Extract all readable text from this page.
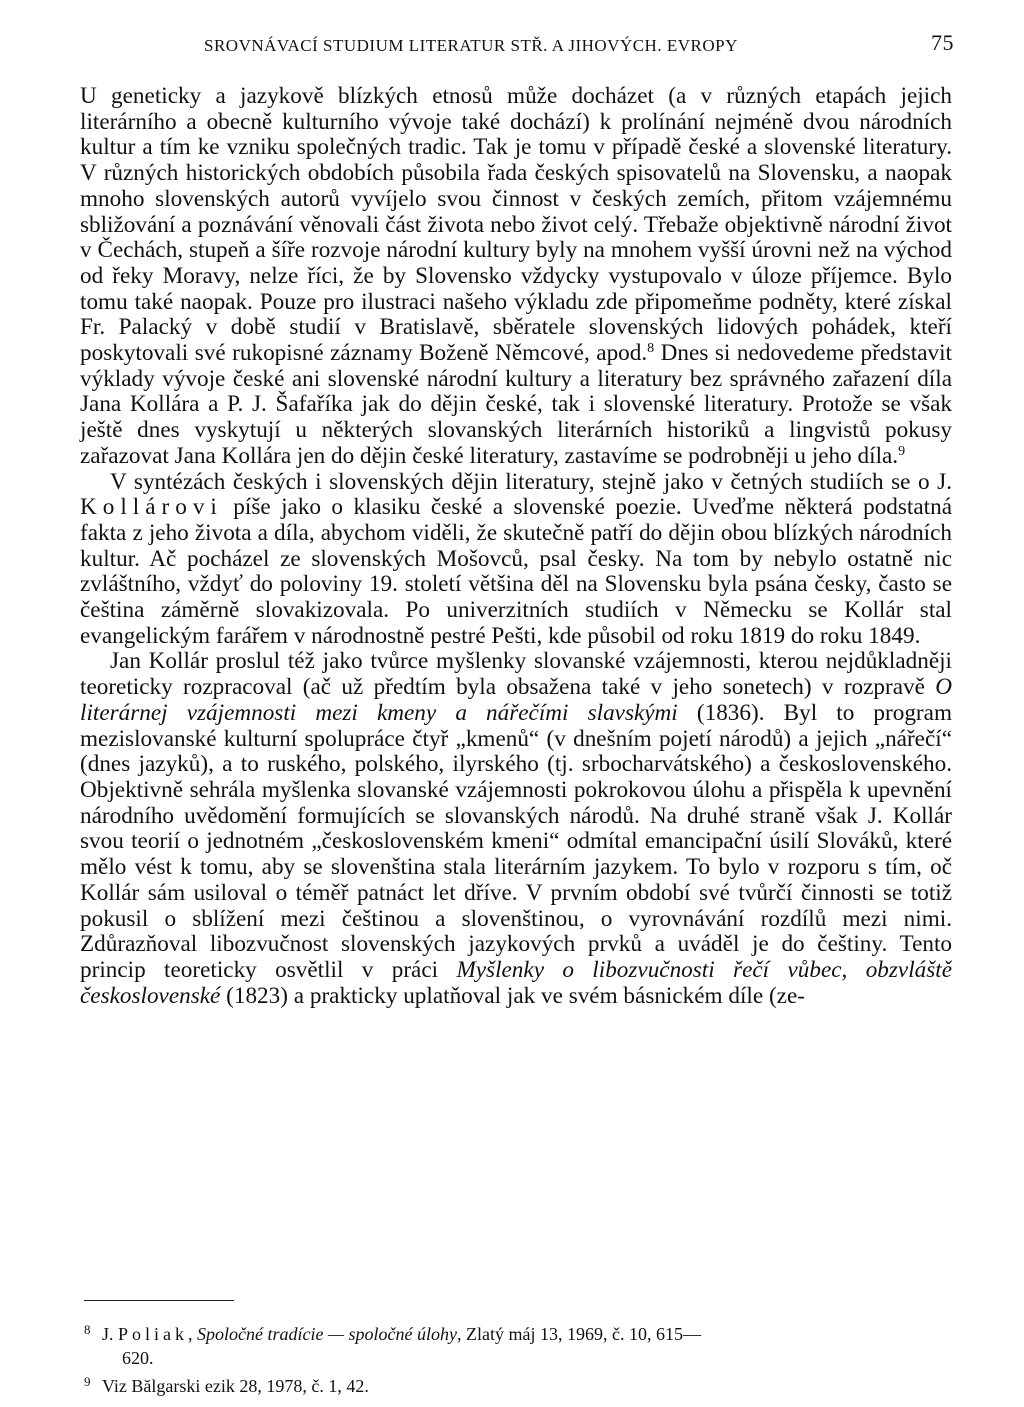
SROVNÁVACÍ STUDIUM LITERATUR STŘ. A JIHOVÝCH. EVROPY	75

U geneticky a jazykově blízkých etnosů může docházet (a v různých etapách jejich literárního a obecně kulturního vývoje také dochází) k prolínání nejméně dvou národních kultur a tím ke vzniku společných tradic. Tak je tomu v případě české a slovenské literatury. V různých historických obdobích působila řada českých spisovatelů na Slovensku, a naopak mnoho slovenských autorů vyvíjelo svou činnost v českých zemích, přitom vzájemnému sbližování a poznávání věnovali část života nebo život celý. Třebaže objektivně národní život v Čechách, stupeň a šíře rozvoje národní kultury byly na mnohem vyšší úrovni než na východ od řeky Moravy, nelze říci, že by Slovensko vždycky vystupovalo v úloze příjemce. Bylo tomu také naopak. Pouze pro ilustraci našeho výkladu zde připomeňme podněty, které získal Fr. Palacký v době studií v Bratislavě, sběratele slovenských lidových pohádek, kteří poskytovali své rukopisné záznamy Boženě Němcové, apod.$^8$ Dnes si nedovedeme představit výklady vývoje české ani slovenské národní kultury a literatury bez správného zařazení díla Jana Kollára a P. J. Šafaříka jak do dějin české, tak i slovenské literatury. Protože se však ještě dnes vyskytují u některých slovanských literárních historiků a lingvistů pokusy zařazovat Jana Kollára jen do dějin české literatury, zastavíme se podrobněji u jeho díla.$^9$

V syntézách českých i slovenských dějin literatury, stejně jako v četných studiích se o J. Kollárovi píše jako o klasiku české a slovenské poezie. Uveďme některá podstatná fakta z jeho života a díla, abychom viděli, že skutečně patří do dějin obou blízkých národních kultur. Ač pocházel ze slovenských Mošovců, psal česky. Na tom by nebylo ostatně nic zvláštního, vždyť do poloviny 19. století většina děl na Slovensku byla psána česky, často se čeština záměrně slovakizovala. Po univerzitních studiích v Německu se Kollár stal evangelickým farářem v národnostně pestré Pešti, kde působil od roku 1819 do roku 1849.

Jan Kollár proslul též jako tvůrce myšlenky slovanské vzájemnosti, kterou nejdůkladněji teoreticky rozpracoval (ač už předtím byla obsažena také v jeho sonetech) v rozpravě O literárnej vzájemnosti mezi kmeny a nářečími slavskými (1836). Byl to program mezislovanské kulturní spolupráce čtyř „kmenů“ (v dnešním pojetí národů) a jejich „nářečí“ (dnes jazyků), a to ruského, polského, ilyrského (tj. srbocharvátského) a československého. Objektivně sehrála myšlenka slovanské vzájemnosti pokrokovou úlohu a přispěla k upevnění národního uvědomění formujících se slovanských národů. Na druhé straně však J. Kollár svou teorií o jednotném „československém kmeni“ odmítal emancipační úsilí Slováků, které mělo vést k tomu, aby se slovenština stala literárním jazykem. To bylo v rozporu s tím, oč Kollár sám usiloval o téměř patnáct let dříve. V prvním období své tvůrčí činnosti se totiž pokusil o sblížení mezi češtinou a slovenštinou, o vyrovnávání rozdílů mezi nimi. Zdůrazňoval libozvučnost slovenských jazykových prvků a uváděl je do češtiny. Tento princip teoreticky osvětlil v práci Myšlenky o libozvučnosti řečí vůbec, obzvláště československé (1823) a prakticky uplatňoval jak ve svém básnickém díle (ze-

8 J. Poliak, Spoločné tradície — spoločné úlohy, Zlatý máj 13, 1969, č. 10, 615—
620.
9 Viz Bălgarski ezik 28, 1978, č. 1, 42.
